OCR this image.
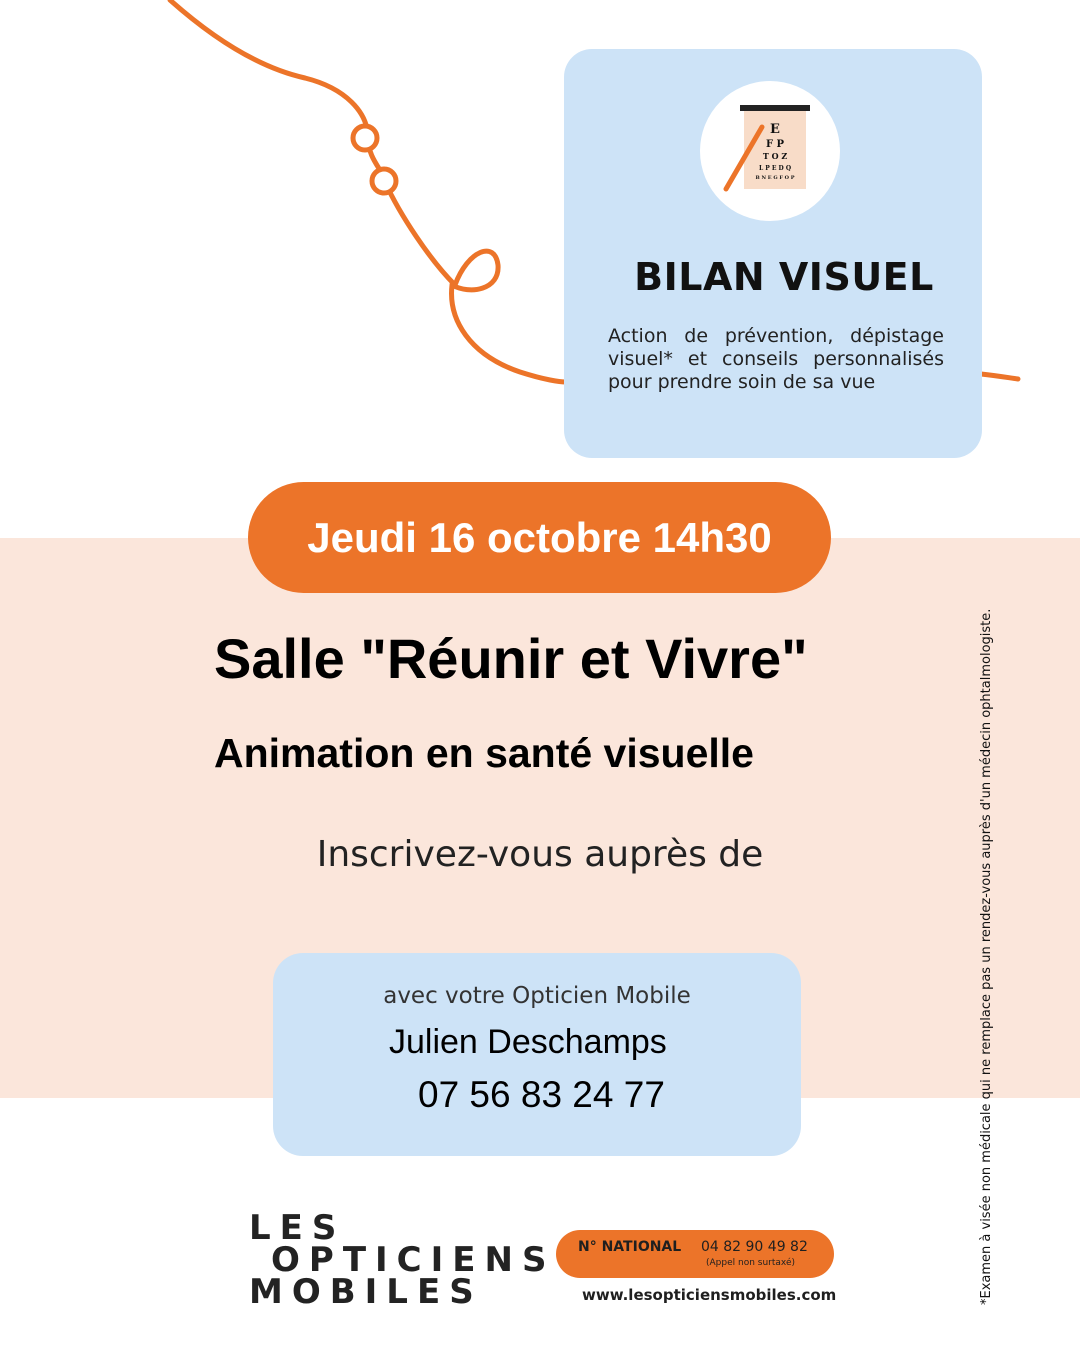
E
F P
T O Z
L P E D Q
B N E G F O P
BILAN VISUEL
Action de prévention, dépistage visuel* et conseils personnalisés pour prendre soin de sa vue
Jeudi 16 octobre 14h30
Salle "Réunir et Vivre"
Animation en santé visuelle
Inscrivez-vous auprès de
avec votre Opticien Mobile
Julien Deschamps
07 56 83 24 77
LES
OPTICIENS
MOBILES
N° NATIONAL 04 82 90 49 82
(Appel non surtaxé)
www.lesopticiensmobiles.com	*Examen à visée non médicale qui ne remplace pas un rendez-vous auprès d'un médecin ophtalmologiste.
